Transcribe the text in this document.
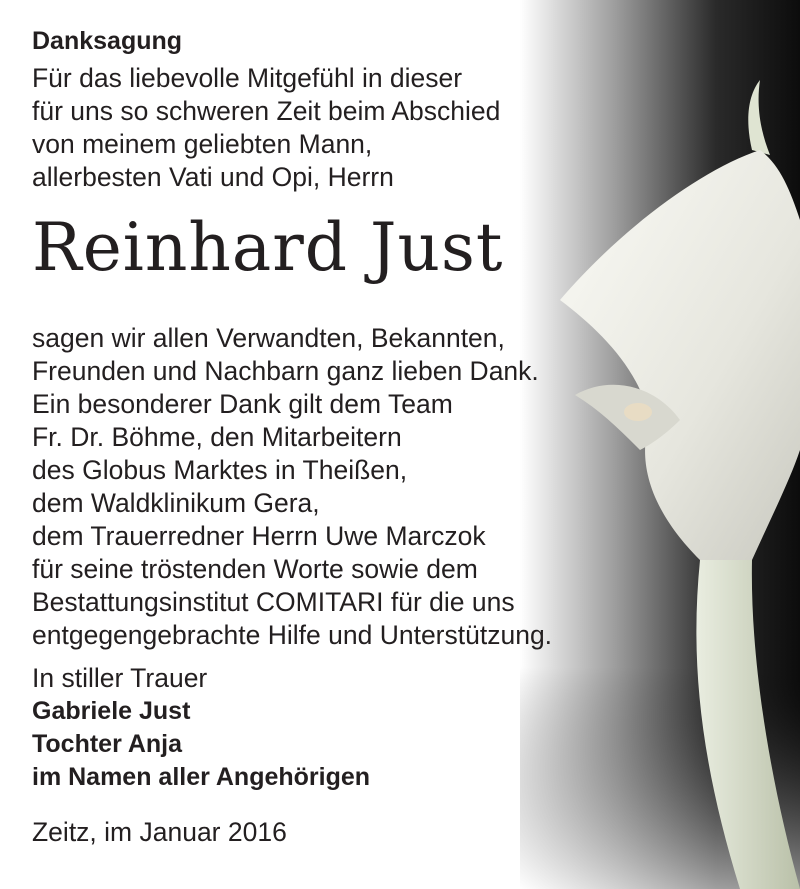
Danksagung
Für das liebevolle Mitgefühl in dieser
für uns so schweren Zeit beim Abschied
von meinem geliebten Mann,
allerbesten Vati und Opi, Herrn
Reinhard Just
sagen wir allen Verwandten, Bekannten,
Freunden und Nachbarn ganz lieben Dank.
Ein besonderer Dank gilt dem Team
Fr. Dr. Böhme, den Mitarbeitern
des Globus Marktes in Theißen,
dem Waldklinikum Gera,
dem Trauerredner Herrn Uwe Marczok
für seine tröstenden Worte sowie dem
Bestattungsinstitut COMITARI für die uns
entgegengebrachte Hilfe und Unterstützung.
In stiller Trauer
Gabriele Just
Tochter Anja
im Namen aller Angehörigen
Zeitz, im Januar 2016
